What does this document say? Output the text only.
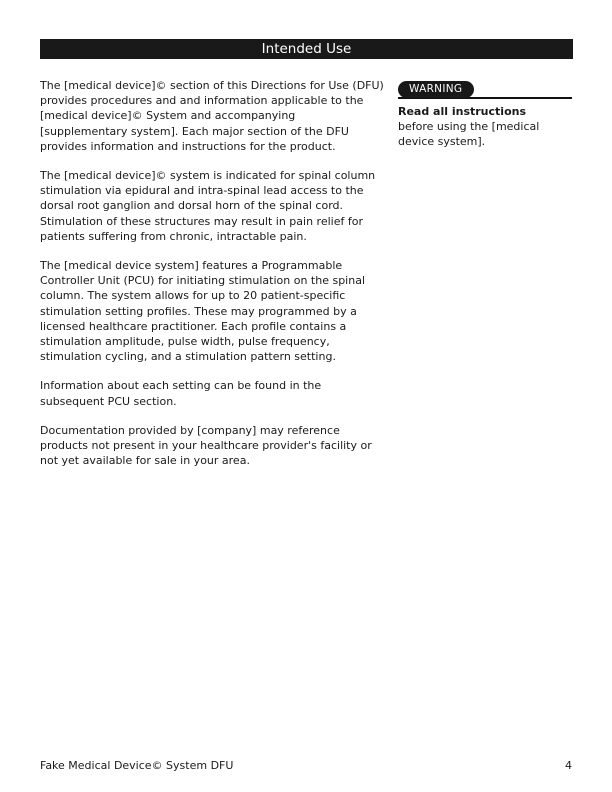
Intended Use

The [medical device]© section of this Directions for Use (DFU) provides procedures and and information applicable to the [medical device]© System and accompanying [supplementary system]. Each major section of the DFU provides information and instructions for the product.

The [medical device]© system is indicated for spinal column stimulation via epidural and intra-spinal lead access to the dorsal root ganglion and dorsal horn of the spinal cord. Stimulation of these structures may result in pain relief for patients suffering from chronic, intractable pain.

The [medical device system] features a Programmable Controller Unit (PCU) for initiating stimulation on the spinal column. The system allows for up to 20 patient-specific stimulation setting profiles. These may programmed by a licensed healthcare practitioner. Each profile contains a stimulation amplitude, pulse width, pulse frequency, stimulation cycling, and a stimulation pattern setting.

Information about each setting can be found in the subsequent PCU section.

Documentation provided by [company] may reference products not present in your healthcare provider's facility or not yet available for sale in your area.

WARNING

Read all instructions
before using the [medical device system].

Fake Medical Device© System DFU	4
